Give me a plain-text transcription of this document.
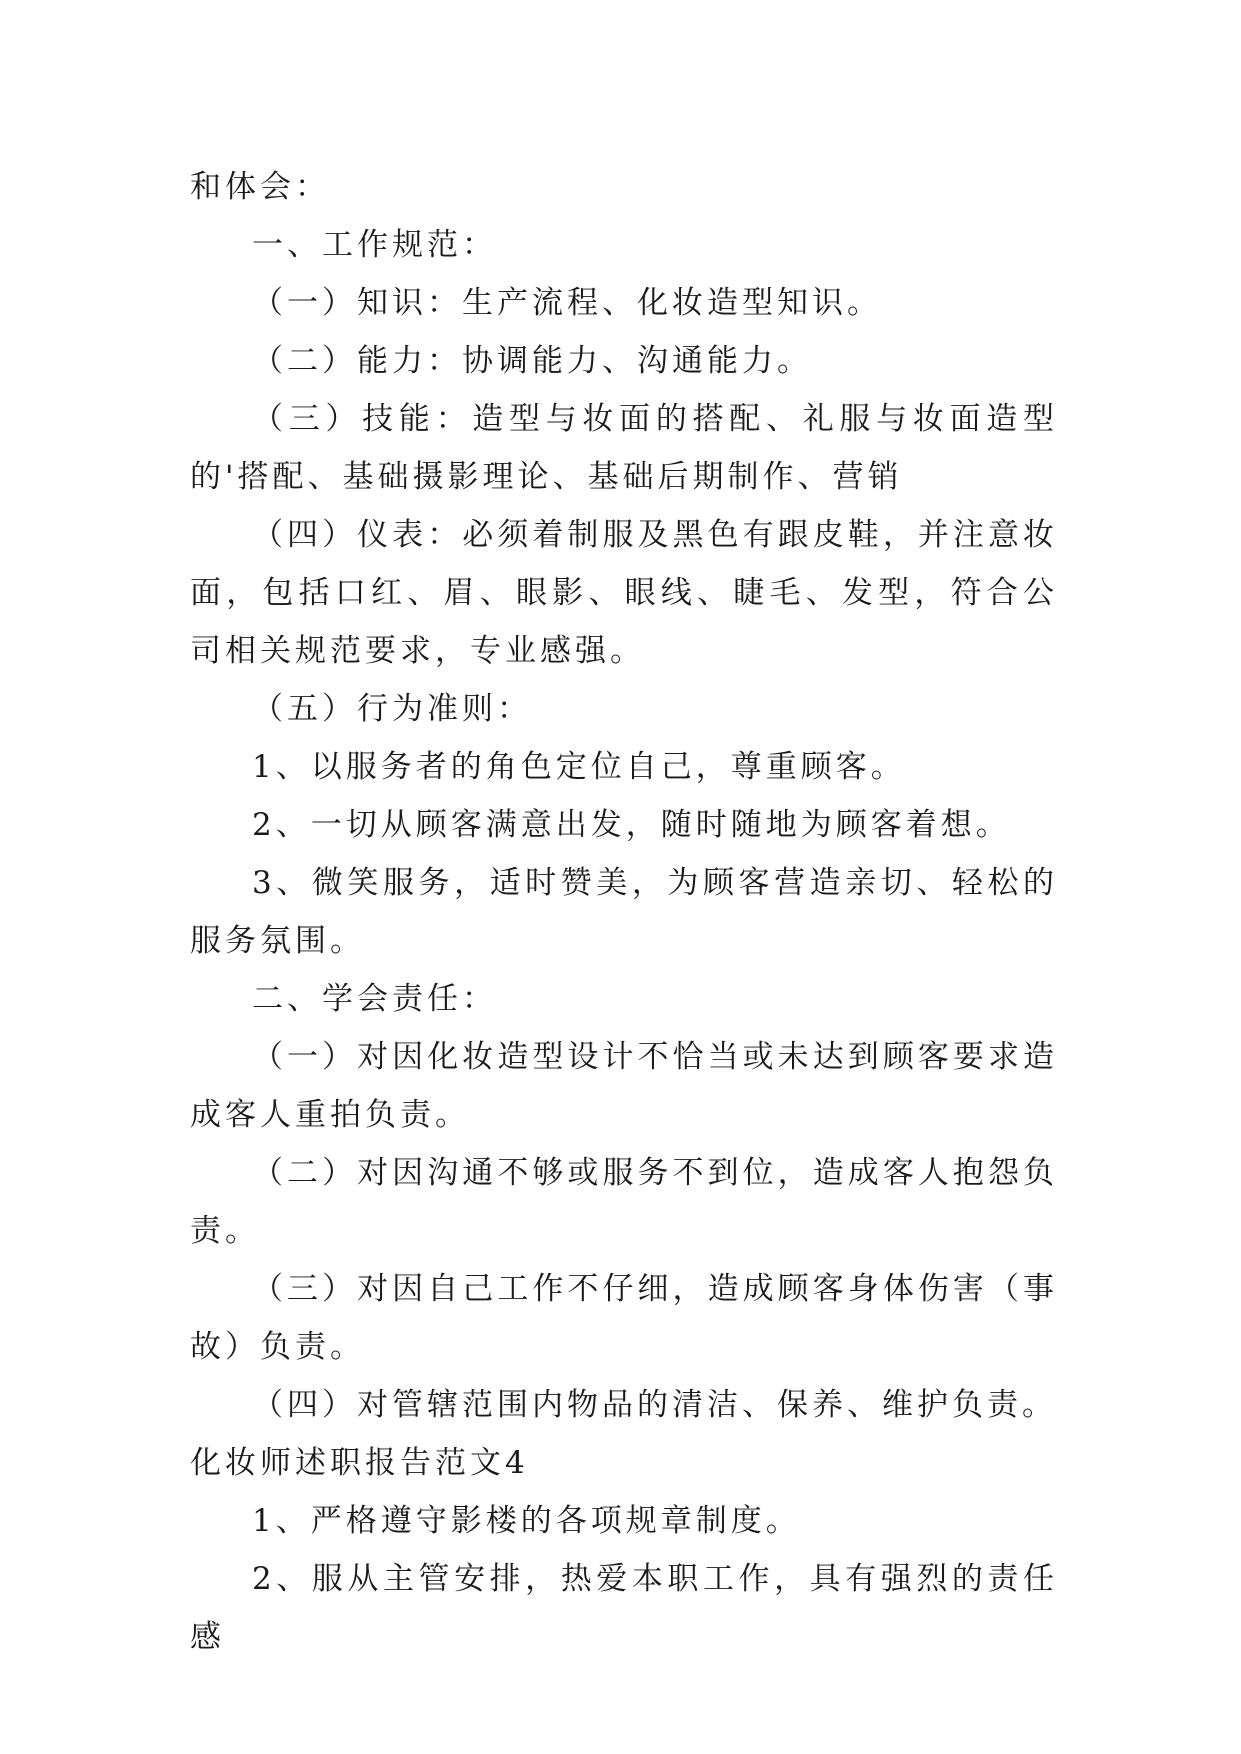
和体会：

一、工作规范：

（一）知识：生产流程、化妆造型知识。

（二）能力：协调能力、沟通能力。

（三）技能：造型与妆面的搭配、礼服与妆面造型的'搭配、基础摄影理论、基础后期制作、营销

（四）仪表：必须着制服及黑色有跟皮鞋，并注意妆面，包括口红、眉、眼影、眼线、睫毛、发型，符合公司相关规范要求，专业感强。

（五）行为准则：

1、以服务者的角色定位自己，尊重顾客。

2、一切从顾客满意出发，随时随地为顾客着想。

3、微笑服务，适时赞美，为顾客营造亲切、轻松的服务氛围。

二、学会责任：

（一）对因化妆造型设计不恰当或未达到顾客要求造成客人重拍负责。

（二）对因沟通不够或服务不到位，造成客人抱怨负责。

（三）对因自己工作不仔细，造成顾客身体伤害（事故）负责。

（四）对管辖范围内物品的清洁、保养、维护负责。

化妆师述职报告范文4

1、严格遵守影楼的各项规章制度。

2、服从主管安排，热爱本职工作，具有强烈的责任感
